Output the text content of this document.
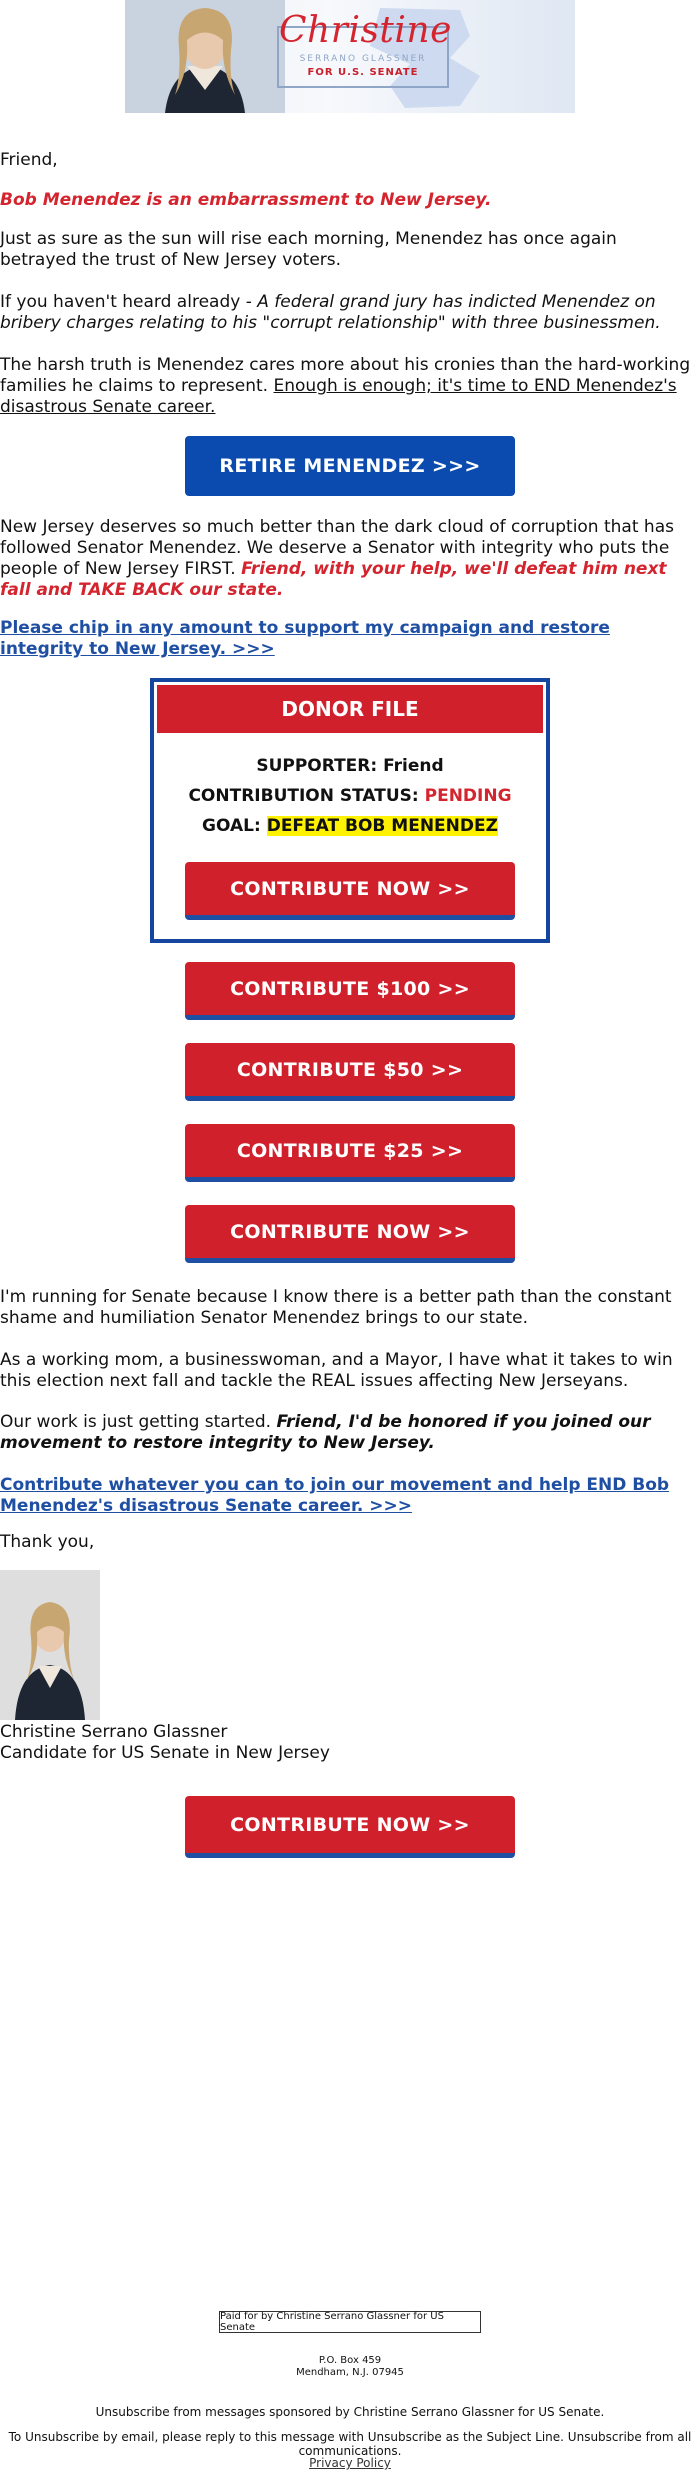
Christine
SERRANO GLASSNER
FOR U.S. SENATE

Friend,

Bob Menendez is an embarrassment to New Jersey.

Just as sure as the sun will rise each morning, Menendez has once again betrayed the trust of New Jersey voters.

If you haven't heard already - A federal grand jury has indicted Menendez on bribery charges relating to his "corrupt relationship" with three businessmen.

The harsh truth is Menendez cares more about his cronies than the hard-working families he claims to represent. Enough is enough; it's time to END Menendez's disastrous Senate career.

RETIRE MENENDEZ >>>

New Jersey deserves so much better than the dark cloud of corruption that has followed Senator Menendez. We deserve a Senator with integrity who puts the people of New Jersey FIRST. Friend, with your help, we'll defeat him next fall and TAKE BACK our state.

Please chip in any amount to support my campaign and restore integrity to New Jersey. >>>

DONOR FILE
SUPPORTER: Friend
CONTRIBUTION STATUS: PENDING
GOAL: DEFEAT BOB MENENDEZ
CONTRIBUTE NOW >>
CONTRIBUTE $100 >>
CONTRIBUTE $50 >>
CONTRIBUTE $25 >>
CONTRIBUTE NOW >>

I'm running for Senate because I know there is a better path than the constant shame and humiliation Senator Menendez brings to our state.

As a working mom, a businesswoman, and a Mayor, I have what it takes to win this election next fall and tackle the REAL issues affecting New Jerseyans.

Our work is just getting started. Friend, I'd be honored if you joined our movement to restore integrity to New Jersey.

Contribute whatever you can to join our movement and help END Bob Menendez's disastrous Senate career. >>>

Thank you,

Christine Serrano Glassner

Candidate for US Senate in New Jersey

CONTRIBUTE NOW >>
Paid for by Christine Serrano Glassner for US Senate
P.O. Box 459
Mendham, N.J. 07945
Unsubscribe from messages sponsored by Christine Serrano Glassner for US Senate.
To Unsubscribe by email, please reply to this message with Unsubscribe as the Subject Line. Unsubscribe from all communications.
Privacy Policy
